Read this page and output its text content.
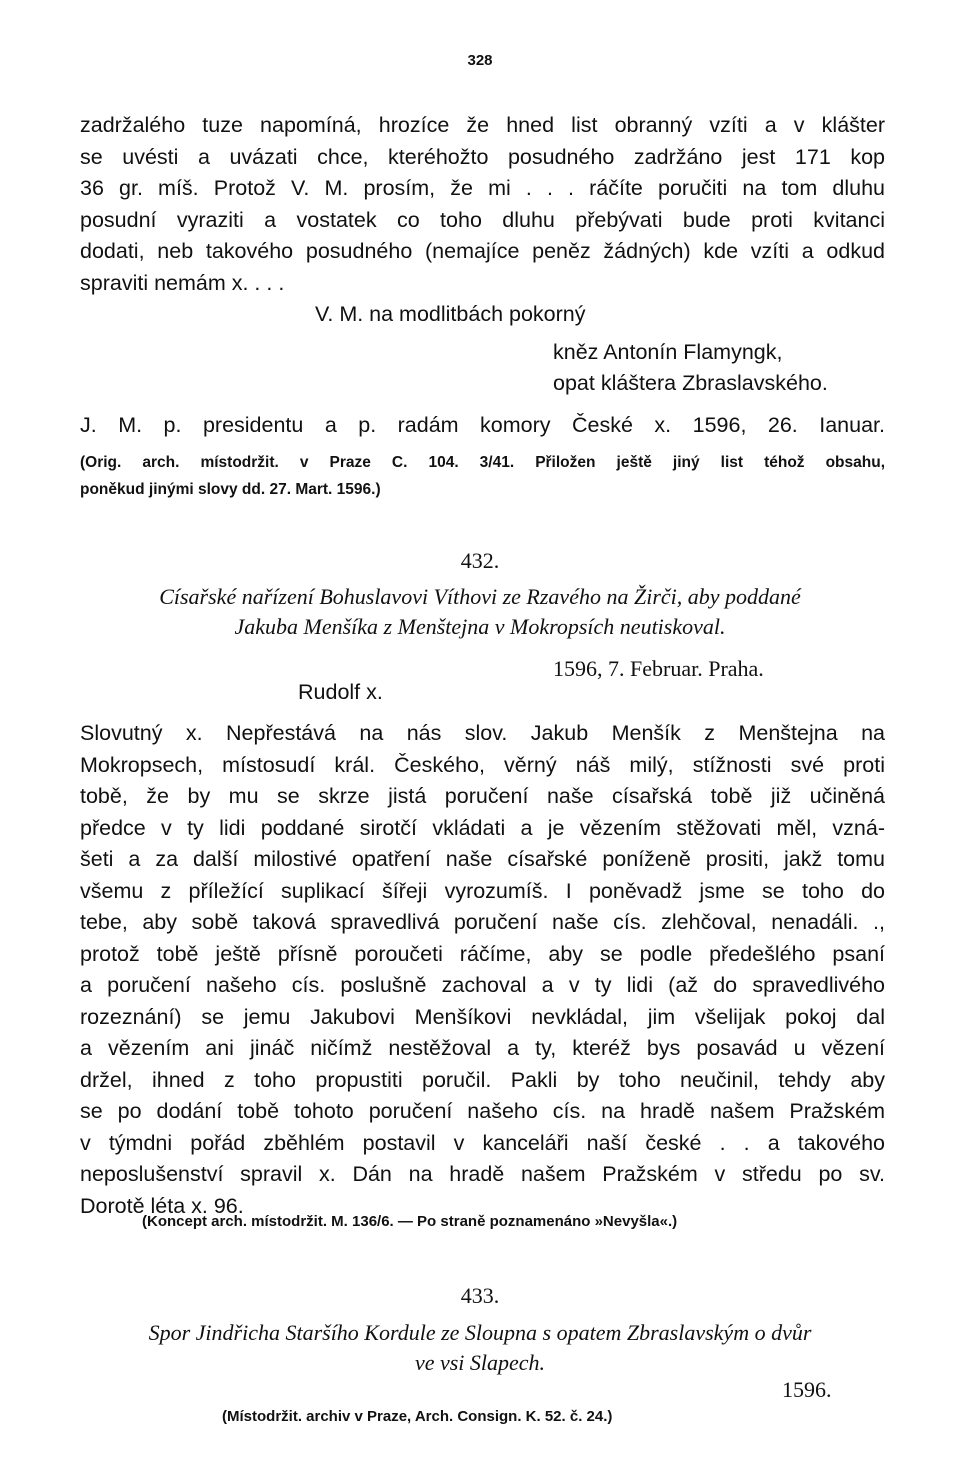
328
zadržalého tuze napomíná, hrozíce že hned list obranný vzíti a v klášter
se uvésti a uvázati chce, kteréhožto posudného zadržáno jest 171 kop
36 gr. míš. Protož V. M. prosím, že mi . . . ráčíte poručiti na tom dluhu
posudní vyraziti a vostatek co toho dluhu přebývati bude proti kvitanci
dodati, neb takového posudného (nemajíce peněz žádných) kde vzíti a odkud
spraviti nemám x. . . .
V. M. na modlitbách pokorný
kněz Antonín Flamyngk,
opat kláštera Zbraslavského.
J. M. p. presidentu a p. radám komory České x. 1596, 26. Ianuar.
(Orig. arch. místodržit. v Praze C. 104. 3/41. Přiložen ještě jiný list téhož obsahu,
poněkud jinými slovy dd. 27. Mart. 1596.)
432.
Císařské nařízení Bohuslavovi Víthovi ze Rzavého na Žirči, aby poddané
Jakuba Menšíka z Menštejna v Mokropsích neutiskoval.
1596, 7. Februar. Praha.
Rudolf x.
Slovutný x. Nepřestává na nás slov. Jakub Menšík z Menštejna na
Mokropsech, místosudí král. Českého, věrný náš milý, stížnosti své proti
tobě, že by mu se skrze jistá poručení naše císařská tobě již učiněná
předce v ty lidi poddané sirotčí vkládati a je vězením stěžovati měl, vzná-
šeti a za další milostivé opatření naše císařské poníženě prositi, jakž tomu
všemu z příležící suplikací šířeji vyrozumíš. I poněvadž jsme se toho do
tebe, aby sobě taková spravedlivá poručení naše cís. zlehčoval, nenadáli. .,
protož tobě ještě přísně poroučeti ráčíme, aby se podle předešlého psaní
a poručení našeho cís. poslušně zachoval a v ty lidi (až do spravedlivého
rozeznání) se jemu Jakubovi Menšíkovi nevkládal, jim všelijak pokoj dal
a vězením ani jináč ničímž nestěžoval a ty, kteréž bys posavád u vězení
držel, ihned z toho propustiti poručil. Pakli by toho neučinil, tehdy aby
se po dodání tobě tohoto poručení našeho cís. na hradě našem Pražském
v týmdni pořád zběhlém postavil v kanceláři naší české . . a takového
neposlušenství spravil x. Dán na hradě našem Pražském v středu po sv.
Dorotě léta x. 96.
(Koncept arch. místodržit. M. 136/6. — Po straně poznamenáno »Nevyšla«.)
433.
Spor Jindřicha Staršího Kordule ze Sloupna s opatem Zbraslavským o dvůr
ve vsi Slapech.
1596.
(Místodržit. archiv v Praze, Arch. Consign. K. 52. č. 24.)
